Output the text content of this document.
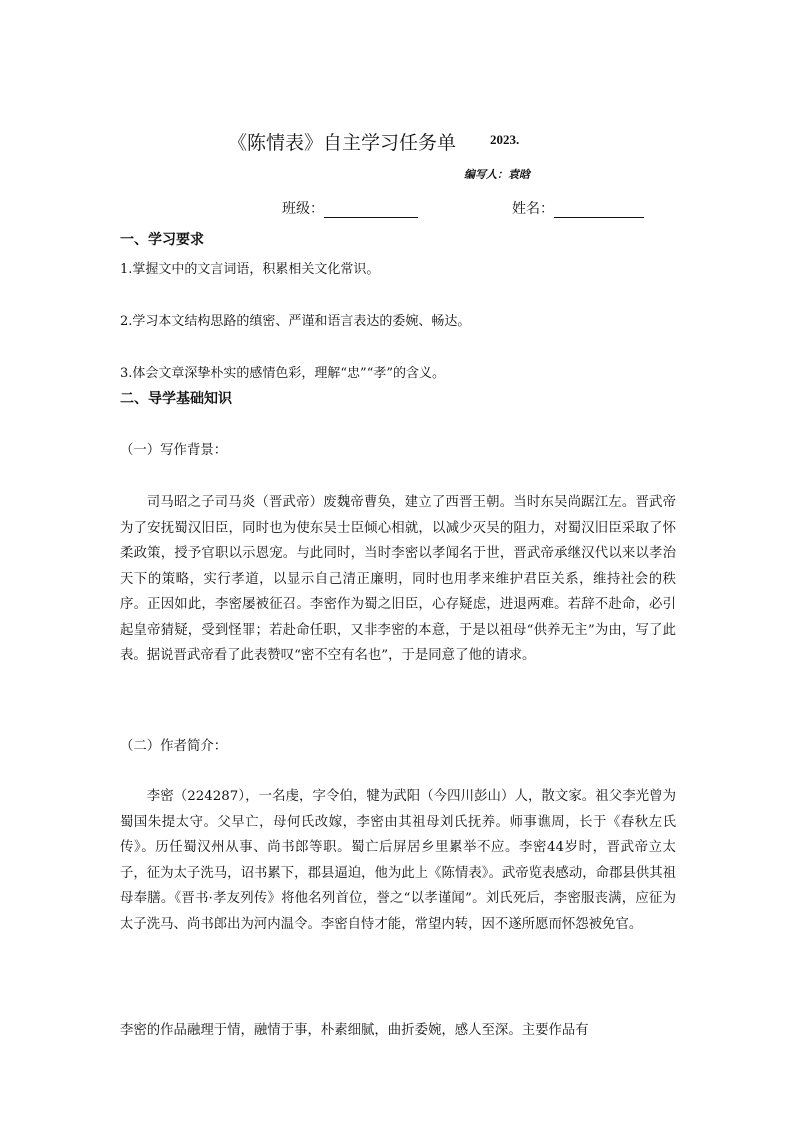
《陈情表》自主学习任务单	2023.
编写人：袁晗
班级：	姓名：
一、学习要求
1.掌握文中的文言词语，积累相关文化常识。
2.学习本文结构思路的缜密、严谨和语言表达的委婉、畅达。
3.体会文章深挚朴实的感情色彩，理解“忠”“孝”的含义。
二、导学基础知识
（一）写作背景：
司马昭之子司马炎（晋武帝）废魏帝曹奂，建立了西晋王朝。当时东吴尚踞江左。晋武帝为了安抚蜀汉旧臣，同时也为使东吴士臣倾心相就，以减少灭吴的阻力，对蜀汉旧臣采取了怀柔政策，授予官职以示恩宠。与此同时，当时李密以孝闻名于世，晋武帝承继汉代以来以孝治天下的策略，实行孝道，以显示自己清正廉明，同时也用孝来维护君臣关系，维持社会的秩序。正因如此，李密屡被征召。李密作为蜀之旧臣，心存疑虑，进退两难。若辞不赴命，必引起皇帝猜疑，受到怪罪；若赴命任职，又非李密的本意，于是以祖母“供养无主”为由，写了此表。据说晋武帝看了此表赞叹“密不空有名也”，于是同意了他的请求。
（二）作者简介：
李密（224287），一名虔，字令伯，犍为武阳（今四川彭山）人，散文家。祖父李光曾为蜀国朱提太守。父早亡，母何氏改嫁，李密由其祖母刘氏抚养。师事谯周，长于《春秋左氏传》。历任蜀汉州从事、尚书郎等职。蜀亡后屏居乡里累举不应。李密44岁时，晋武帝立太子，征为太子洗马，诏书累下，郡县逼迫，他为此上《陈情表》。武帝览表感动，命郡县供其祖母奉膳。《晋书·孝友列传》将他名列首位，誉之“以孝谨闻”。刘氏死后，李密服丧满，应征为太子洗马、尚书郎出为河内温令。李密自恃才能，常望内转，因不遂所愿而怀怨被免官。
李密的作品融理于情，融情于事，朴素细腻，曲折委婉，感人至深。主要作品有
